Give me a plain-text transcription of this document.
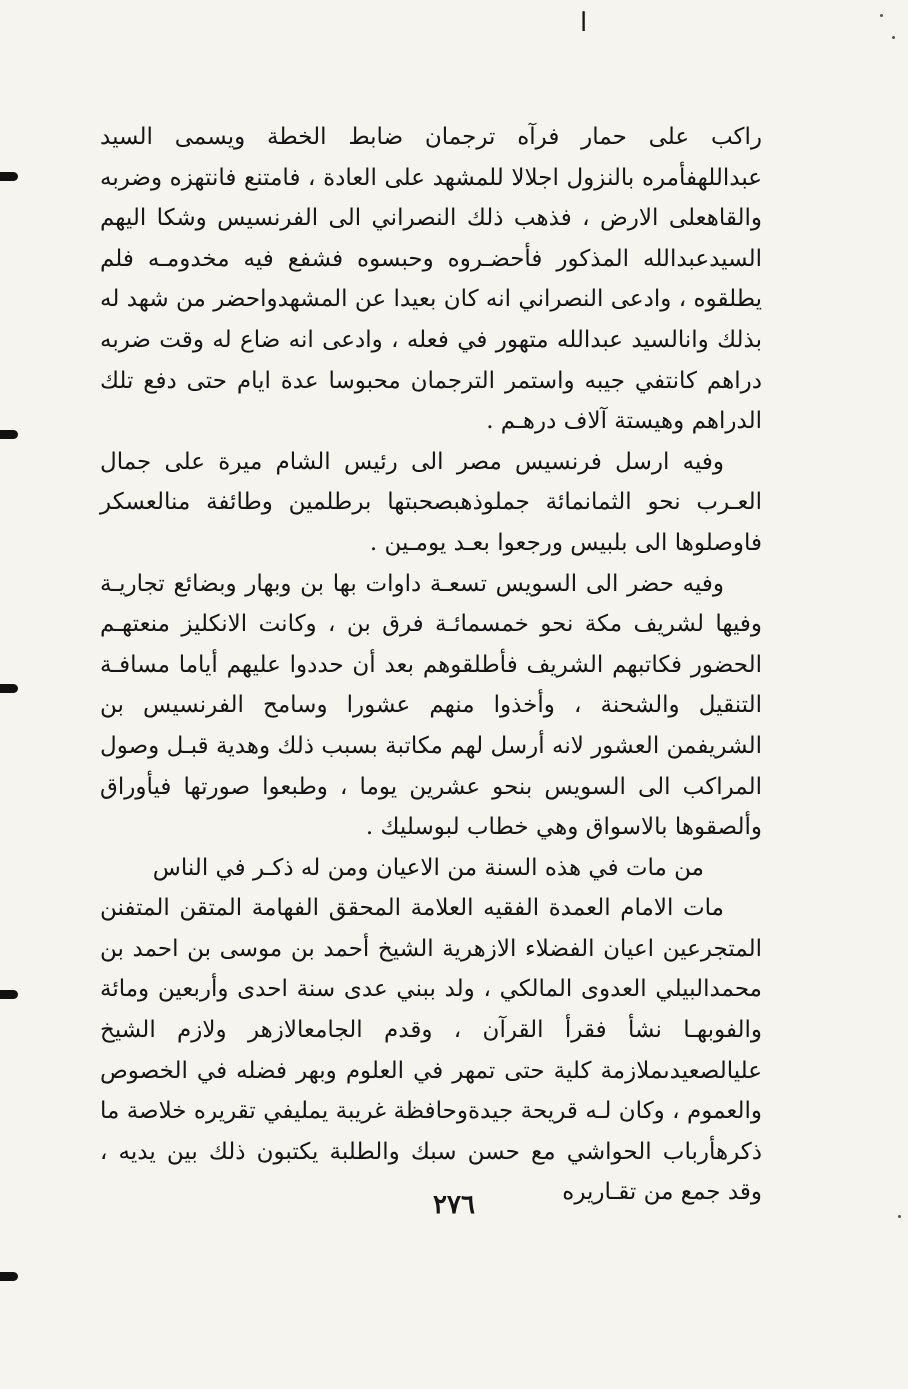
ا

راكب على حمار فرآه ترجمان ضابط الخطة ويسمى السيد عبداللهفأمره بالنزول اجلالا للمشهد على العادة ، فامتنع فانتهزه وضربه والقاهعلى الارض ، فذهب ذلك النصراني الى الفرنسيس وشكا اليهم السيدعبدالله المذكور فأحضـروه وحبسوه فشفع فيه مخدومـه فلم يطلقوه ، وادعى النصراني انه كان بعيدا عن المشهدواحضر من شهد له بذلك وانالسيد عبدالله متهور في فعله ، وادعى انه ضاع له وقت ضربه دراهم كانتفي جيبه واستمر الترجمان محبوسا عدة ايام حتى دفع تلك الدراهم وهيستة آلاف درهـم .

وفيه ارسل فرنسيس مصر الى رئيس الشام ميرة على جمال العـرب نحو الثمانمائة جملوذهبصحبتها برطلمين وطائفة منالعسكر فاوصلوها الى بلبيس ورجعوا بعـد يومـين .

وفيه حضر الى السويس تسعـة داوات بها بن وبهار وبضائع تجاريـة وفيها لشريف مكة نحو خمسمائـة فرق بن ، وكانت الانكليز منعتهـم الحضور فكاتبهم الشريف فأطلقوهم بعد أن حددوا عليهم أياما مسافـة التنقيل والشحنة ، وأخذوا منهم عشورا وسامح الفرنسيس بن الشريفمن العشور لانه أرسل لهم مكاتبة بسبب ذلك وهدية قبـل وصول المراكب الى السويس بنحو عشرين يوما ، وطبعوا صورتها فيأوراق وألصقوها بالاسواق وهي خطاب لبوسليك .

من مات في هذه السنة من الاعيان ومن له ذكـر في الناس

مات الامام العمدة الفقيه العلامة المحقق الفهامة المتقن المتفنن المتجرعين اعيان الفضلاء الازهرية الشيخ أحمد بن موسى بن احمد بن محمدالبيلي العدوى المالكي ، ولد ببني عدى سنة احدى وأربعين ومائة والفوبهـا نشأ فقرأ القرآن ، وقدم الجامعالازهر ولازم الشيخ عليالصعيدىملازمة كلية حتى تمهر في العلوم وبهر فضله في الخصوص والعموم ، وكان لـه قريحة جيدةوحافظة غريبة يمليفي تقريره خلاصة ما ذكرهأرباب الحواشي مع حسن سبك والطلبة يكتبون ذلك بين يديه ، وقد جمع من تقـاريره

٢٧٦
